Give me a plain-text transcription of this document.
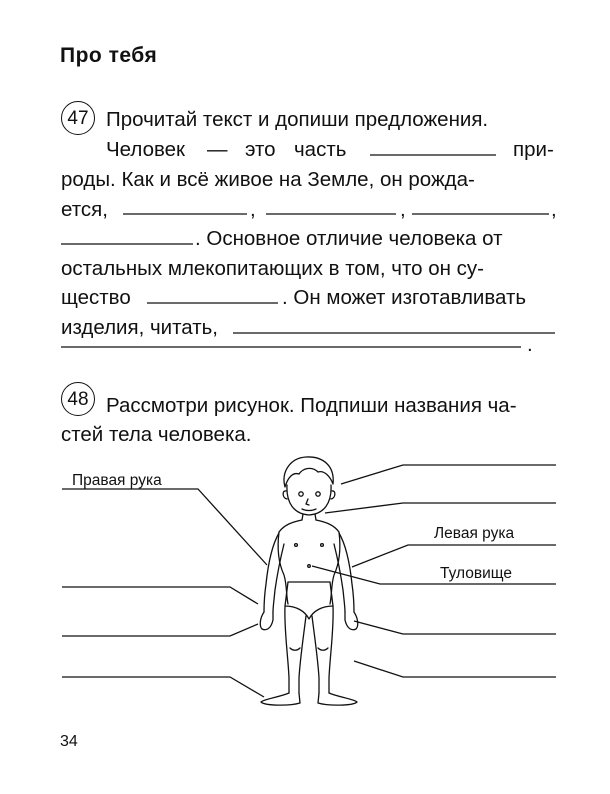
Про тебя
47 Прочитай текст и допиши предложения.
Человек — это часть	при-
роды. Как и всё живое на Земле, он рожда-
ется,	,	,	,
. Основное отличие человека от
остальных млекопитающих в том, что он су-
щество	. Он может изготавливать
изделия, читать,
.
48 Рассмотри рисунок. Подпиши названия ча-
стей тела человека.
Правая рука
Левая рука
Туловище
34
